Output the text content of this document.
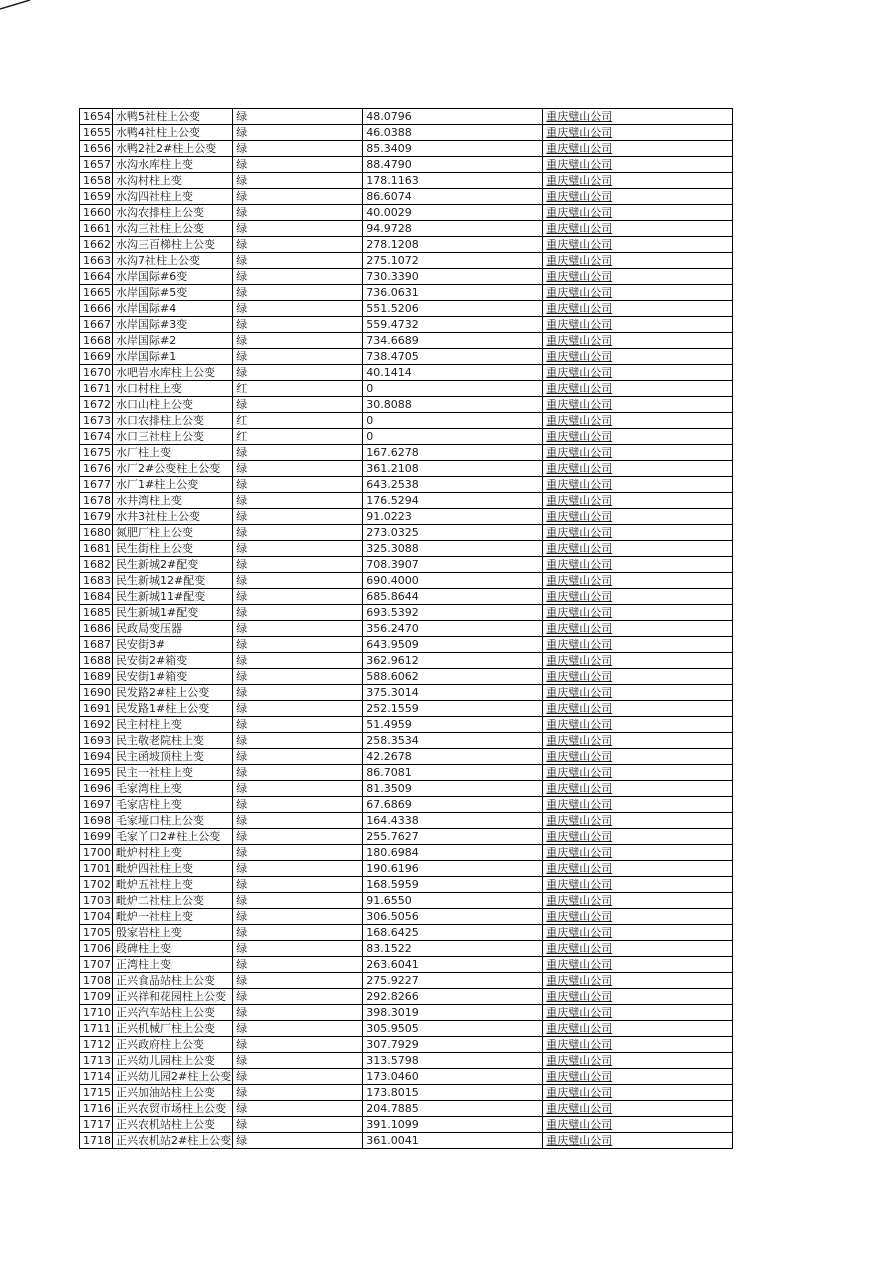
1654	水鸭5社柱上公变	绿	48.0796	重庆璧山公司
1655	水鸭4社柱上公变	绿	46.0388	重庆璧山公司
1656	水鸭2社2#柱上公变	绿	85.3409	重庆璧山公司
1657	水沟水库柱上变	绿	88.4790	重庆璧山公司
1658	水沟村柱上变	绿	178.1163	重庆璧山公司
1659	水沟四社柱上变	绿	86.6074	重庆璧山公司
1660	水沟农排柱上公变	绿	40.0029	重庆璧山公司
1661	水沟三社柱上公变	绿	94.9728	重庆璧山公司
1662	水沟三百梯柱上公变	绿	278.1208	重庆璧山公司
1663	水沟7社柱上公变	绿	275.1072	重庆璧山公司
1664	水岸国际#6变	绿	730.3390	重庆璧山公司
1665	水岸国际#5变	绿	736.0631	重庆璧山公司
1666	水岸国际#4	绿	551.5206	重庆璧山公司
1667	水岸国际#3变	绿	559.4732	重庆璧山公司
1668	水岸国际#2	绿	734.6689	重庆璧山公司
1669	水岸国际#1	绿	738.4705	重庆璧山公司
1670	水吧岩水库柱上公变	绿	40.1414	重庆璧山公司
1671	水口村柱上变	红	0	重庆璧山公司
1672	水口山柱上公变	绿	30.8088	重庆璧山公司
1673	水口农排柱上公变	红	0	重庆璧山公司
1674	水口三社柱上公变	红	0	重庆璧山公司
1675	水厂柱上变	绿	167.6278	重庆璧山公司
1676	水厂2#公变柱上公变	绿	361.2108	重庆璧山公司
1677	水厂1#柱上公变	绿	643.2538	重庆璧山公司
1678	水井湾柱上变	绿	176.5294	重庆璧山公司
1679	水井3社柱上公变	绿	91.0223	重庆璧山公司
1680	氮肥厂柱上公变	绿	273.0325	重庆璧山公司
1681	民生街柱上公变	绿	325.3088	重庆璧山公司
1682	民生新城2#配变	绿	708.3907	重庆璧山公司
1683	民生新城12#配变	绿	690.4000	重庆璧山公司
1684	民生新城11#配变	绿	685.8644	重庆璧山公司
1685	民生新城1#配变	绿	693.5392	重庆璧山公司
1686	民政局变压器	绿	356.2470	重庆璧山公司
1687	民安街3#	绿	643.9509	重庆璧山公司
1688	民安街2#箱变	绿	362.9612	重庆璧山公司
1689	民安街1#箱变	绿	588.6062	重庆璧山公司
1690	民发路2#柱上公变	绿	375.3014	重庆璧山公司
1691	民发路1#柱上公变	绿	252.1559	重庆璧山公司
1692	民主村柱上变	绿	51.4959	重庆璧山公司
1693	民主敬老院柱上变	绿	258.3534	重庆璧山公司
1694	民主函坡顶柱上变	绿	42.2678	重庆璧山公司
1695	民主一社柱上变	绿	86.7081	重庆璧山公司
1696	毛家湾柱上变	绿	81.3509	重庆璧山公司
1697	毛家店柱上变	绿	67.6869	重庆璧山公司
1698	毛家垭口柱上公变	绿	164.4338	重庆璧山公司
1699	毛家丫口2#柱上公变	绿	255.7627	重庆璧山公司
1700	毗炉村柱上变	绿	180.6984	重庆璧山公司
1701	毗炉四社柱上变	绿	190.6196	重庆璧山公司
1702	毗炉五社柱上变	绿	168.5959	重庆璧山公司
1703	毗炉二社柱上公变	绿	91.6550	重庆璧山公司
1704	毗炉一社柱上变	绿	306.5056	重庆璧山公司
1705	殷家岩柱上变	绿	168.6425	重庆璧山公司
1706	段碑柱上变	绿	83.1522	重庆璧山公司
1707	正湾柱上变	绿	263.6041	重庆璧山公司
1708	正兴食品站柱上公变	绿	275.9227	重庆璧山公司
1709	正兴祥和花园柱上公变	绿	292.8266	重庆璧山公司
1710	正兴汽车站柱上公变	绿	398.3019	重庆璧山公司
1711	正兴机械厂柱上公变	绿	305.9505	重庆璧山公司
1712	正兴政府柱上公变	绿	307.7929	重庆璧山公司
1713	正兴幼儿园柱上公变	绿	313.5798	重庆璧山公司
1714	正兴幼儿园2#柱上公变	绿	173.0460	重庆璧山公司
1715	正兴加油站柱上公变	绿	173.8015	重庆璧山公司
1716	正兴农贸市场柱上公变	绿	204.7885	重庆璧山公司
1717	正兴农机站柱上公变	绿	391.1099	重庆璧山公司
1718	正兴农机站2#柱上公变	绿	361.0041	重庆璧山公司
